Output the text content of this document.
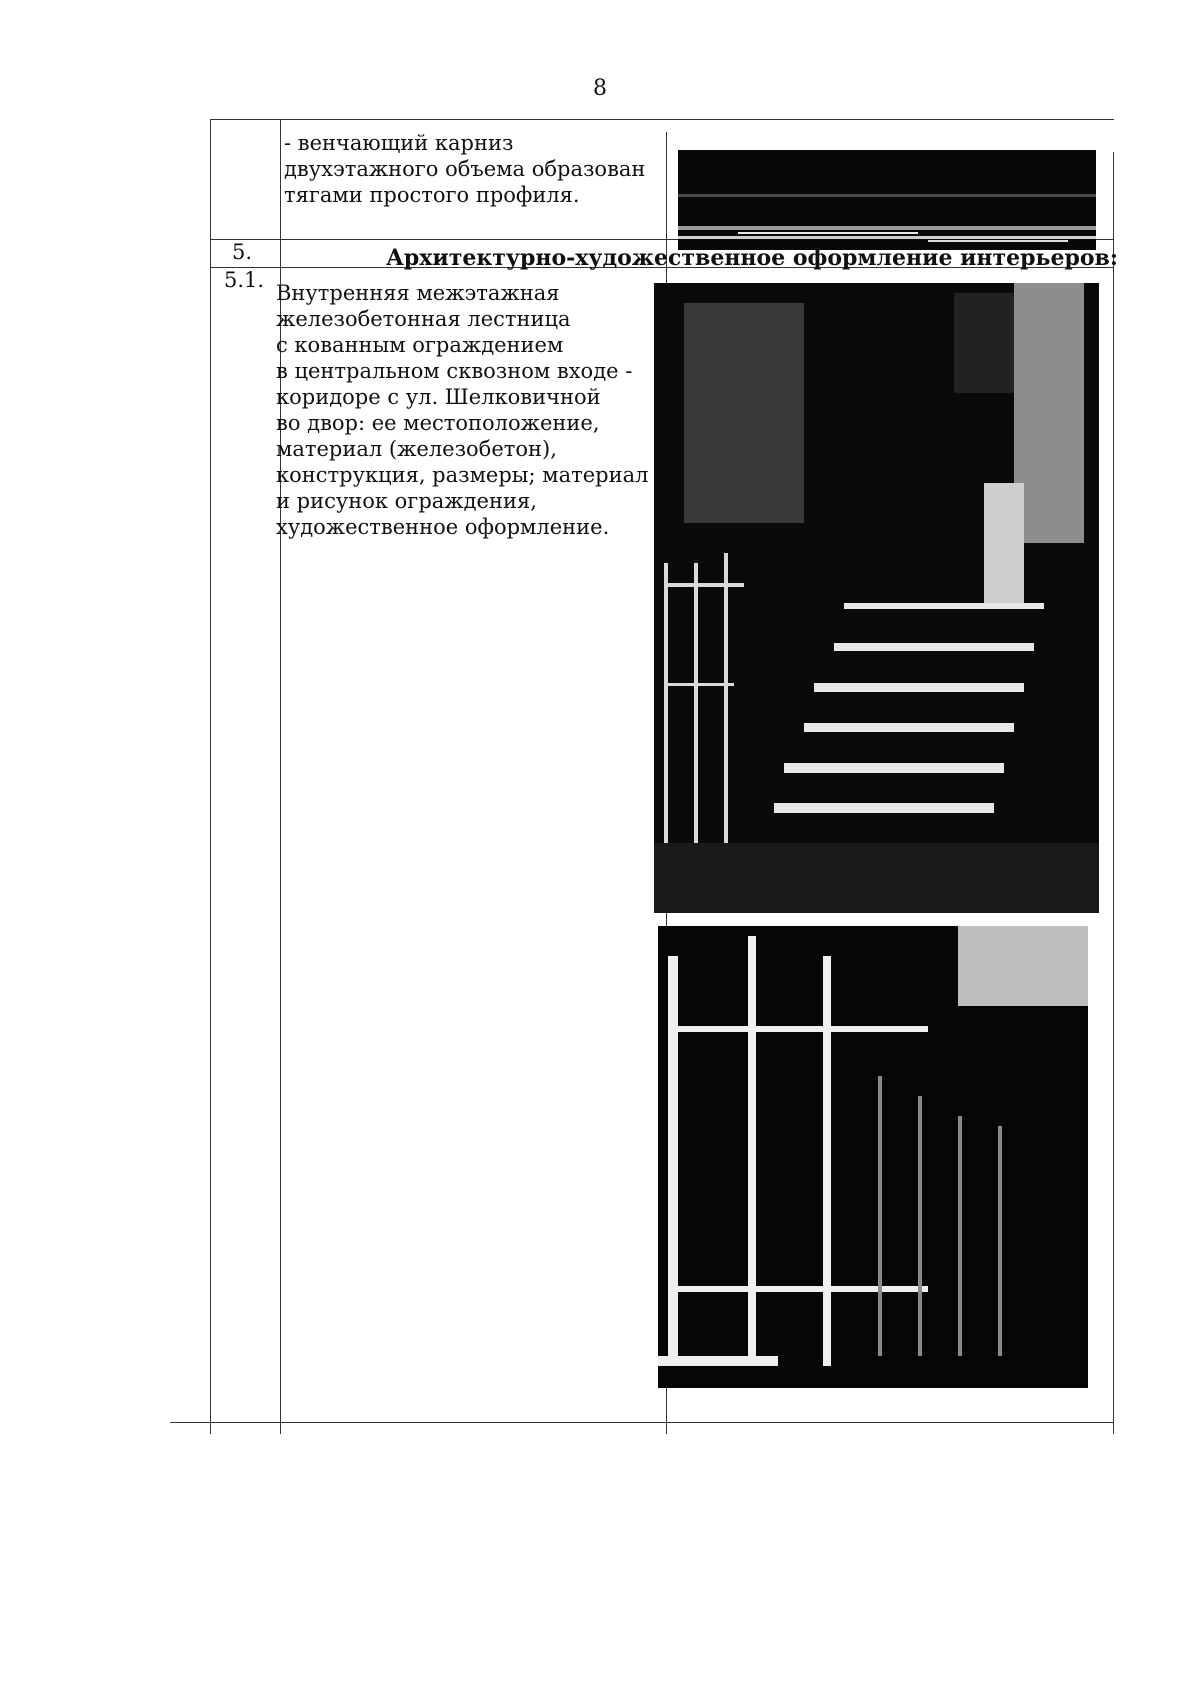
8
- венчающий карниз
двухэтажного объема образован
тягами простого профиля.
5.	Архитектурно-художественное оформление интерьеров:
5.1.
Внутренняя межэтажная
железобетонная лестница
с кованным ограждением
в центральном сквозном входе -
коридоре с ул. Шелковичной
во двор: ее местоположение,
материал (железобетон),
конструкция, размеры; материал
и рисунок ограждения,
художественное оформление.
